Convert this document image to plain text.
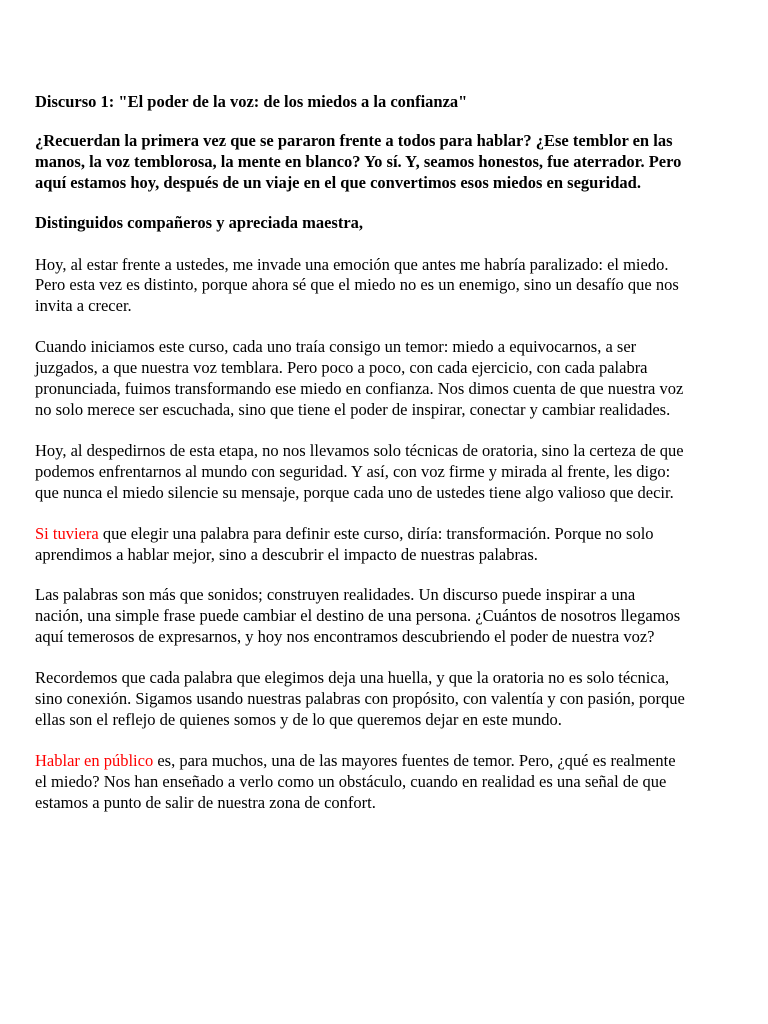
Discurso 1: "El poder de la voz: de los miedos a la confianza"

¿Recuerdan la primera vez que se pararon frente a todos para hablar? ¿Ese temblor en las manos, la voz temblorosa, la mente en blanco? Yo sí. Y, seamos honestos, fue aterrador. Pero aquí estamos hoy, después de un viaje en el que convertimos esos miedos en seguridad.

Distinguidos compañeros y apreciada maestra,

Hoy, al estar frente a ustedes, me invade una emoción que antes me habría paralizado: el miedo. Pero esta vez es distinto, porque ahora sé que el miedo no es un enemigo, sino un desafío que nos invita a crecer.

Cuando iniciamos este curso, cada uno traía consigo un temor: miedo a equivocarnos, a ser juzgados, a que nuestra voz temblara. Pero poco a poco, con cada ejercicio, con cada palabra pronunciada, fuimos transformando ese miedo en confianza. Nos dimos cuenta de que nuestra voz no solo merece ser escuchada, sino que tiene el poder de inspirar, conectar y cambiar realidades.

Hoy, al despedirnos de esta etapa, no nos llevamos solo técnicas de oratoria, sino la certeza de que podemos enfrentarnos al mundo con seguridad. Y así, con voz firme y mirada al frente, les digo: que nunca el miedo silencie su mensaje, porque cada uno de ustedes tiene algo valioso que decir.

Si tuviera que elegir una palabra para definir este curso, diría: transformación. Porque no solo aprendimos a hablar mejor, sino a descubrir el impacto de nuestras palabras.

Las palabras son más que sonidos; construyen realidades. Un discurso puede inspirar a una nación, una simple frase puede cambiar el destino de una persona. ¿Cuántos de nosotros llegamos aquí temerosos de expresarnos, y hoy nos encontramos descubriendo el poder de nuestra voz?

Recordemos que cada palabra que elegimos deja una huella, y que la oratoria no es solo técnica, sino conexión. Sigamos usando nuestras palabras con propósito, con valentía y con pasión, porque ellas son el reflejo de quienes somos y de lo que queremos dejar en este mundo.

Hablar en público es, para muchos, una de las mayores fuentes de temor. Pero, ¿qué es realmente el miedo? Nos han enseñado a verlo como un obstáculo, cuando en realidad es una señal de que estamos a punto de salir de nuestra zona de confort.
